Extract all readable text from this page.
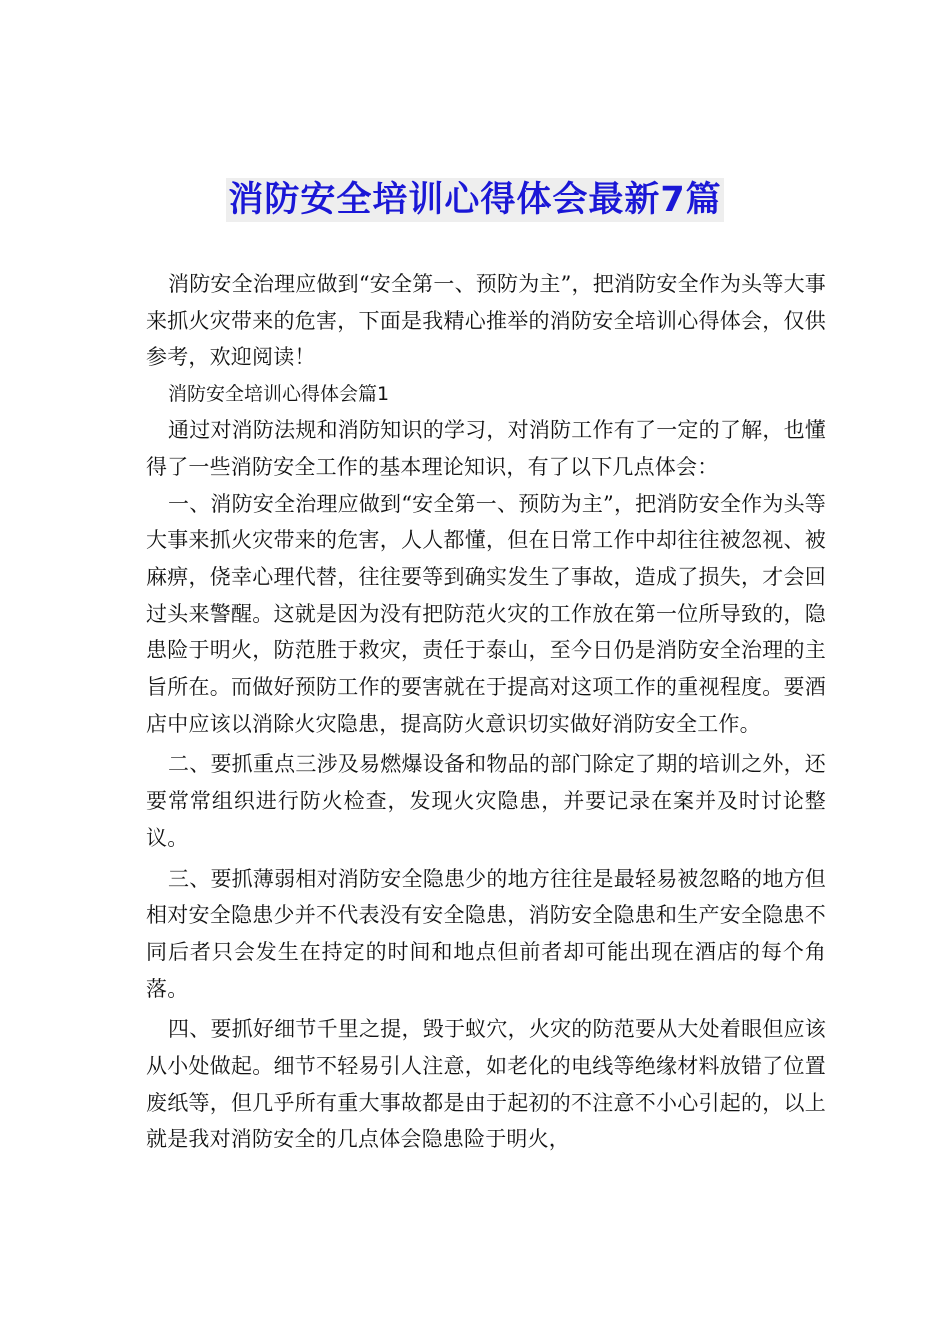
消防安全培训心得体会最新7篇

消防安全治理应做到“安全第一、预防为主”，把消防安全作为头等大事来抓火灾带来的危害，下面是我精心推举的消防安全培训心得体会，仅供参考，欢迎阅读！

消防安全培训心得体会篇1

通过对消防法规和消防知识的学习，对消防工作有了一定的了解，也懂得了一些消防安全工作的基本理论知识，有了以下几点体会：

一、消防安全治理应做到“安全第一、预防为主”，把消防安全作为头等大事来抓火灾带来的危害，人人都懂，但在日常工作中却往往被忽视、被麻痹，侥幸心理代替，往往要等到确实发生了事故，造成了损失，才会回过头来警醒。这就是因为没有把防范火灾的工作放在第一位所导致的，隐患险于明火，防范胜于救灾，责任于泰山，至今日仍是消防安全治理的主旨所在。而做好预防工作的要害就在于提高对这项工作的重视程度。要酒店中应该以消除火灾隐患，提高防火意识切实做好消防安全工作。

二、要抓重点三涉及易燃爆设备和物品的部门除定了期的培训之外，还要常常组织进行防火检查，发现火灾隐患，并要记录在案并及时讨论整议。

三、要抓薄弱相对消防安全隐患少的地方往往是最轻易被忽略的地方但相对安全隐患少并不代表没有安全隐患，消防安全隐患和生产安全隐患不同后者只会发生在持定的时间和地点但前者却可能出现在酒店的每个角落。

四、要抓好细节千里之提，毁于蚁穴，火灾的防范要从大处着眼但应该从小处做起。细节不轻易引人注意，如老化的电线等绝缘材料放错了位置废纸等，但几乎所有重大事故都是由于起初的不注意不小心引起的，以上就是我对消防安全的几点体会隐患险于明火，
